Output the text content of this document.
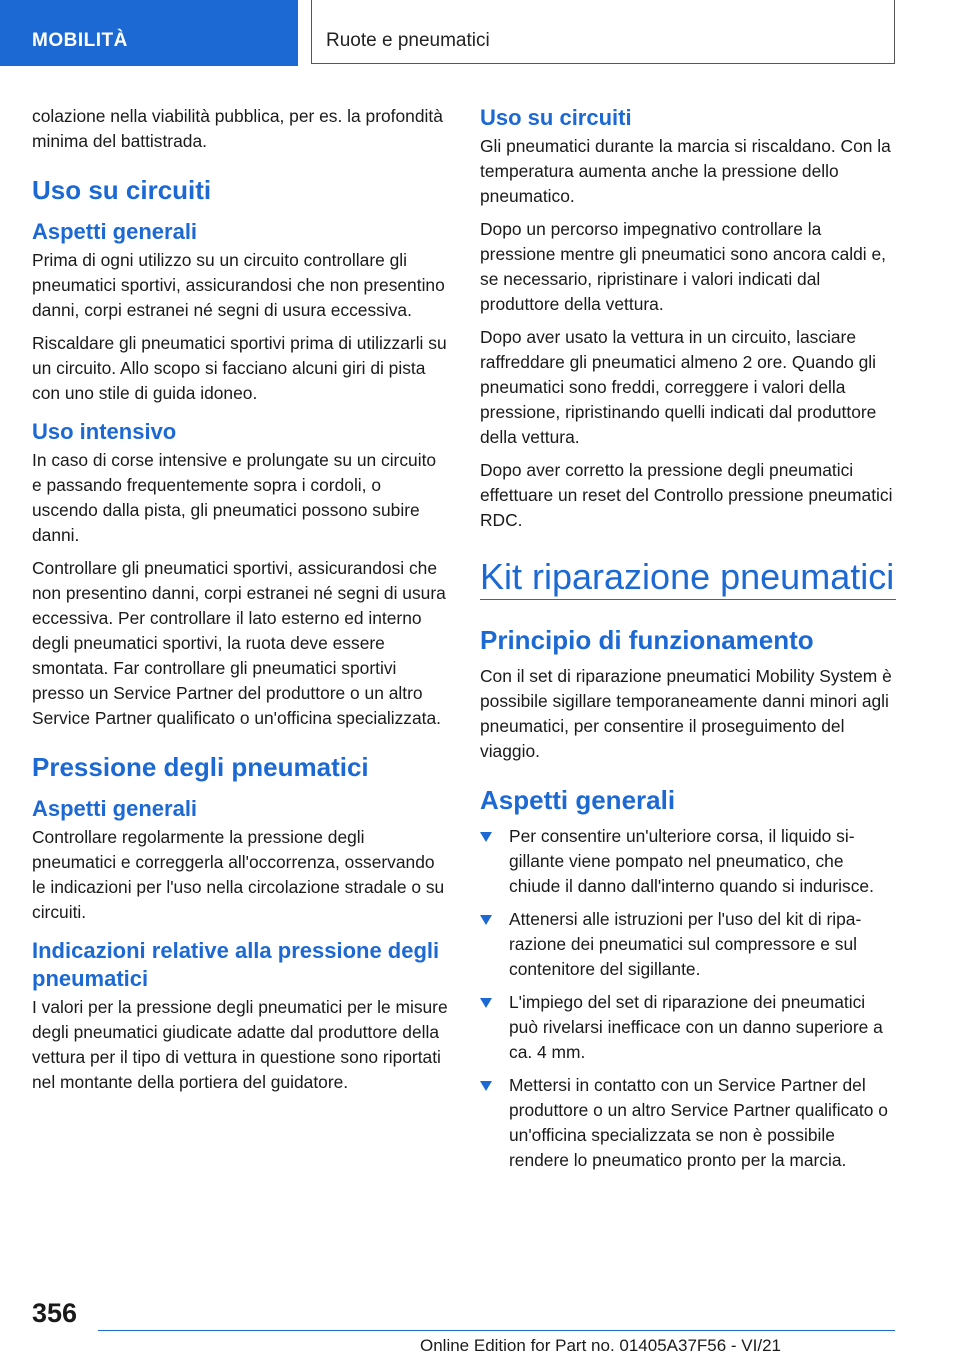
MOBILITÀ	Ruote e pneumatici

colazione nella viabilità pubblica, per es. la profondità minima del battistrada.

Uso su circuiti
Aspetti generali

Prima di ogni utilizzo su un circuito controllare gli pneumatici sportivi, assicurandosi che non presentino danni, corpi estranei né segni di usura eccessiva.

Riscaldare gli pneumatici sportivi prima di utilizzarli su un circuito. Allo scopo si facciano alcuni giri di pista con uno stile di guida idoneo.

Uso intensivo

In caso di corse intensive e prolungate su un circuito e passando frequentemente sopra i cordoli, o uscendo dalla pista, gli pneumatici possono subire danni.

Controllare gli pneumatici sportivi, assicurandosi che non presentino danni, corpi estranei né segni di usura eccessiva. Per controllare il lato esterno ed interno degli pneumatici sportivi, la ruota deve essere smontata. Far controllare gli pneumatici sportivi presso un Service Partner del produttore o un altro Service Partner qualificato o un'officina specializzata.

Pressione degli pneumatici
Aspetti generali

Controllare regolarmente la pressione degli pneumatici e correggerla all'occorrenza, osservando le indicazioni per l'uso nella circolazione stradale o su circuiti.

Indicazioni relative alla pressione degli pneumatici

I valori per la pressione degli pneumatici per le misure degli pneumatici giudicate adatte dal produttore della vettura per il tipo di vettura in questione sono riportati nel montante della portiera del guidatore.

Uso su circuiti

Gli pneumatici durante la marcia si riscaldano. Con la temperatura aumenta anche la pressione dello pneumatico.

Dopo un percorso impegnativo controllare la pressione mentre gli pneumatici sono ancora caldi e, se necessario, ripristinare i valori indicati dal produttore della vettura.

Dopo aver usato la vettura in un circuito, lasciare raffreddare gli pneumatici almeno 2 ore. Quando gli pneumatici sono freddi, correggere i valori della pressione, ripristinando quelli indicati dal produttore della vettura.

Dopo aver corretto la pressione degli pneumatici effettuare un reset del Controllo pressione pneumatici RDC.

Kit riparazione pneumatici
Principio di funzionamento

Con il set di riparazione pneumatici Mobility System è possibile sigillare temporaneamente danni minori agli pneumatici, per consentire il proseguimento del viaggio.

Aspetti generali
Per consentire un'ulteriore corsa, il liquido sigillante viene pompato nel pneumatico, che chiude il danno dall'interno quando si indurisce.
Attenersi alle istruzioni per l'uso del kit di riparazione dei pneumatici sul compressore e sul contenitore del sigillante.
L'impiego del set di riparazione dei pneumatici può rivelarsi inefficace con un danno superiore a ca. 4 mm.
Mettersi in contatto con un Service Partner del produttore o un altro Service Partner qualificato o un'officina specializzata se non è possibile rendere lo pneumatico pronto per la marcia.
356
Online Edition for Part no. 01405A37F56 - VI/21
